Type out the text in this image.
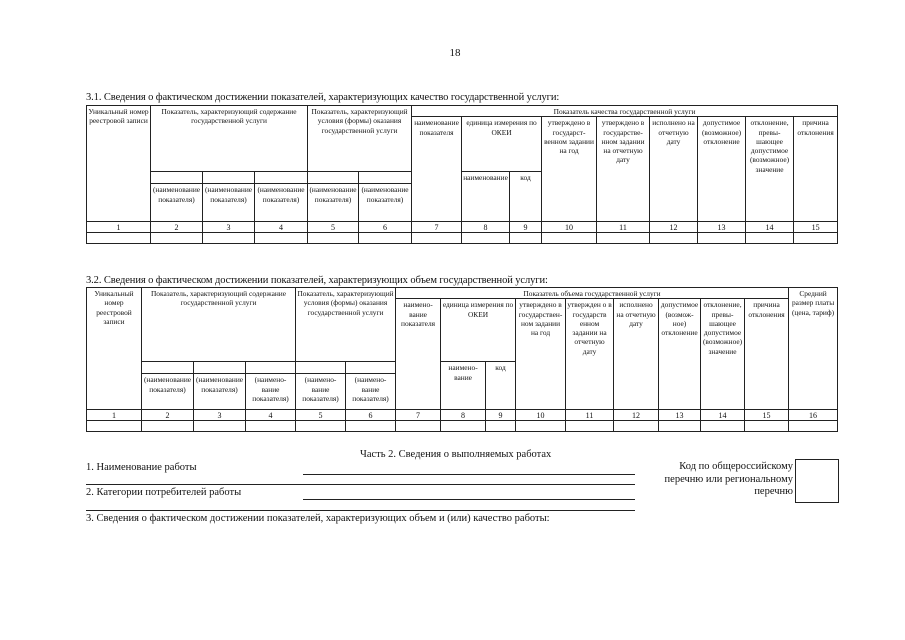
18
3.1. Сведения о фактическом достижении показателей, характеризующих качество государственной услуги:
Уникальный номер реестровой записи	Показатель, характеризующий содержание государственной услуги			Показатель, характеризующий условия (формы) оказания государственной услуги		Показатель качества государственной услуги								
						наименование показателя	единица измерения по ОКЕИ		утверждено в государственном задании на год	утверждено в государственном задании на отчетную дату	исполнено на отчетную дату	допустимое (возможное) отклонение	отклонение, превышающее допустимое (возможное) значение	причина отклонения
							наименование	код						
	(наименование показателя)	(наименование показателя)	(наименование показателя)	(наименование показателя)	(наименование показателя)									
1	2	3	4	5	6	7	8	9	10	11	12	13	14	15

3.2. Сведения о фактическом достижении показателей, характеризующих объем государственной услуги:
Уникальный номер реестровой записи	Показатель, характеризующий содержание государственной услуги			Показатель, характеризующий условия (формы) оказания государственной услуги		Показатель объема государственной услуги									Средний размер платы (цена, тариф)
						наименование показателя	единица измерения по ОКЕИ		утверждено в государственном задании на год	утвержден о в государств енном задании на отчетную дату	исполнено на отчетную дату	допустимое (возможное) отклонение	отклонение, превышающее допустимое (возможное) значение	причина отклонения	
							наименование	код							
	(наименование показателя)	(наименование показателя)	(наименование показателя)	(наименование показателя)	(наименование показателя)										
1	2	3	4	5	6	7	8	9	10	11	12	13	14	15	16

Часть 2. Сведения о выполняемых работах
1. Наименование работы
2. Категории потребителей работы
Код по общероссийскому перечню или региональному перечню
3. Сведения о фактическом достижении показателей, характеризующих объем и (или) качество работы:
